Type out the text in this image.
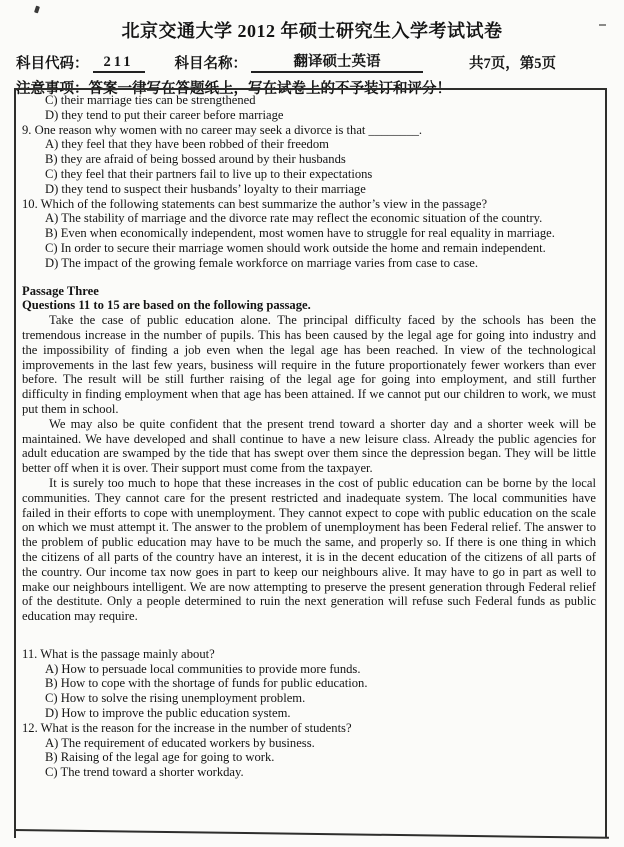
北京交通大学 2012 年硕士研究生入学考试试卷
科目代码：	211	科目名称：	翻译硕士英语	共7页，第5页
注意事项：答案一律写在答题纸上，写在试卷上的不予装订和评分！
C) their marriage ties can be strengthened
D) they tend to put their career before marriage
9. One reason why women with no career may seek a divorce is that ________.
A) they feel that they have been robbed of their freedom
B) they are afraid of being bossed around by their husbands
C) they feel that their partners fail to live up to their expectations
D) they tend to suspect their husbands’ loyalty to their marriage
10. Which of the following statements can best summarize the author’s view in the passage?
A) The stability of marriage and the divorce rate may reflect the economic situation of the country.
B) Even when economically independent, most women have to struggle for real equality in marriage.
C) In order to secure their marriage women should work outside the home and remain independent.
D) The impact of the growing female workforce on marriage varies from case to case.
Passage Three
Questions 11 to 15 are based on the following passage.
Take the case of public education alone. The principal difficulty faced by the schools has been the tremendous increase in the number of pupils. This has been caused by the legal age for going into industry and the impossibility of finding a job even when the legal age has been reached. In view of the technological improvements in the last few years, business will require in the future proportionately fewer workers than ever before. The result will be still further raising of the legal age for going into employment, and still further difficulty in finding employment when that age has been attained. If we cannot put our children to work, we must put them in school.
We may also be quite confident that the present trend toward a shorter day and a shorter week will be maintained. We have developed and shall continue to have a new leisure class. Already the public agencies for adult education are swamped by the tide that has swept over them since the depression began. They will be little better off when it is over. Their support must come from the taxpayer.
It is surely too much to hope that these increases in the cost of public education can be borne by the local communities. They cannot care for the present restricted and inadequate system. The local communities have failed in their efforts to cope with unemployment. They cannot expect to cope with public education on the scale on which we must attempt it. The answer to the problem of unemployment has been Federal relief. The answer to the problem of public education may have to be much the same, and properly so. If there is one thing in which the citizens of all parts of the country have an interest, it is in the decent education of the citizens of all parts of the country. Our income tax now goes in part to keep our neighbours alive. It may have to go in part as well to make our neighbours intelligent. We are now attempting to preserve the present generation through Federal relief of the destitute. Only a people determined to ruin the next generation will refuse such Federal funds as public education may require.
11. What is the passage mainly about?
A) How to persuade local communities to provide more funds.
B) How to cope with the shortage of funds for public education.
C) How to solve the rising unemployment problem.
D) How to improve the public education system.
12. What is the reason for the increase in the number of students?
A) The requirement of educated workers by business.
B) Raising of the legal age for going to work.
C) The trend toward a shorter workday.
